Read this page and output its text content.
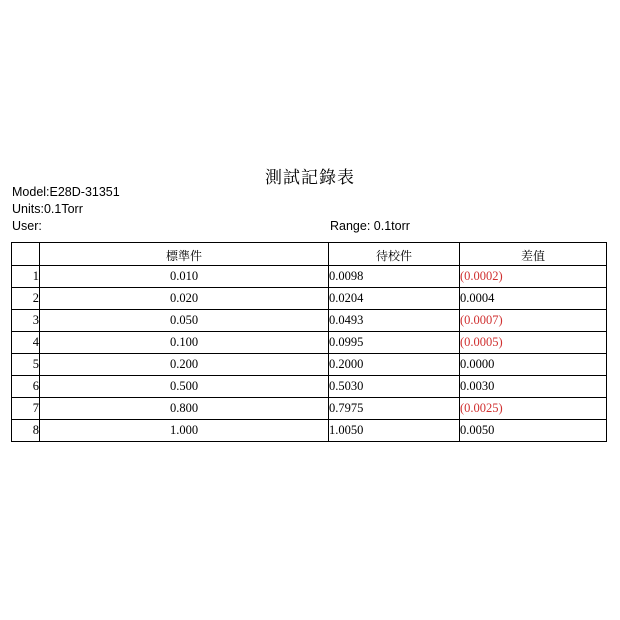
測試記錄表
Model:E28D-31351
Units:0.1Torr
User:	Range: 0.1torr
	標準件	待校件	差值
1	0.010	0.0098	(0.0002)
2	0.020	0.0204	0.0004
3	0.050	0.0493	(0.0007)
4	0.100	0.0995	(0.0005)
5	0.200	0.2000	0.0000
6	0.500	0.5030	0.0030
7	0.800	0.7975	(0.0025)
8	1.000	1.0050	0.0050
